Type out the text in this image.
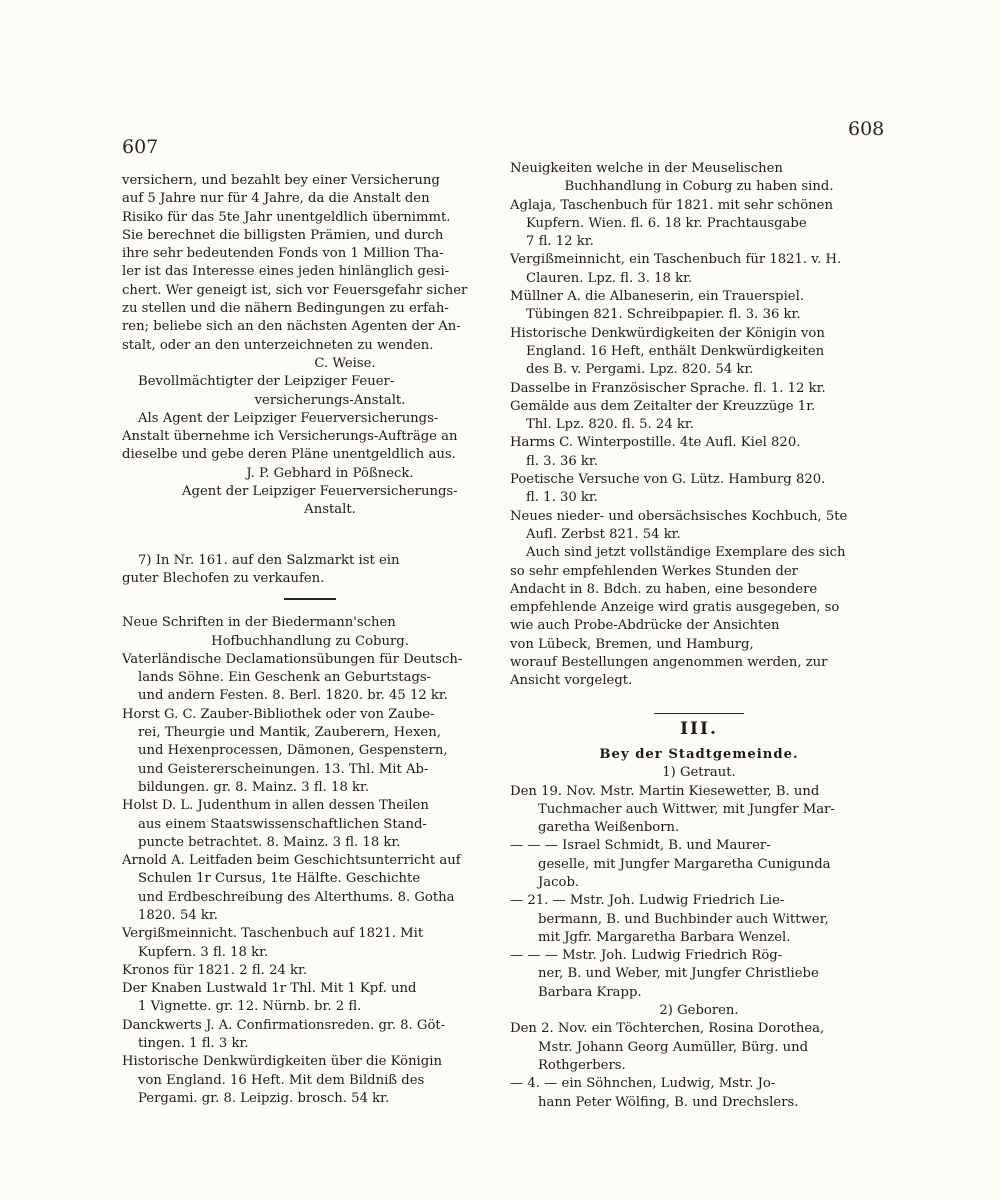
607
608
versichern, und bezahlt bey einer Versicherung
auf 5 Jahre nur für 4 Jahre, da die Anstalt den
Risiko für das 5te Jahr unentgeldlich übernimmt.
Sie berechnet die billigsten Prämien, und durch
ihre sehr bedeutenden Fonds von 1 Million Tha-
ler ist das Interesse eines jeden hinlänglich gesi-
chert. Wer geneigt ist, sich vor Feuersgefahr sicher
zu stellen und die nähern Bedingungen zu erfah-
ren; beliebe sich an den nächsten Agenten der An-
stalt, oder an den unterzeichneten zu wenden.
C. Weise.
Bevollmächtigter der Leipziger Feuer-
versicherungs-Anstalt.
Als Agent der Leipziger Feuerversicherungs-
Anstalt übernehme ich Versicherungs-Aufträge an
dieselbe und gebe deren Pläne unentgeldlich aus.
J. P. Gebhard in Pößneck.
Agent der Leipziger Feuerversicherungs-
Anstalt.
7) In Nr. 161. auf den Salzmarkt ist ein
guter Blechofen zu verkaufen.
Neue Schriften in der Biedermann'schen
Hofbuchhandlung zu Coburg.
Vaterländische Declamationsübungen für Deutsch-
lands Söhne. Ein Geschenk an Geburtstags-
und andern Festen. 8. Berl. 1820. br. 45 12 kr.
Horst G. C. Zauber-Bibliothek oder von Zaube-
rei, Theurgie und Mantik, Zauberern, Hexen,
und Hexenprocessen, Dämonen, Gespenstern,
und Geistererscheinungen. 13. Thl. Mit Ab-
bildungen. gr. 8. Mainz. 3 fl. 18 kr.
Holst D. L. Judenthum in allen dessen Theilen
aus einem Staatswissenschaftlichen Stand-
puncte betrachtet. 8. Mainz. 3 fl. 18 kr.
Arnold A. Leitfaden beim Geschichtsunterricht auf
Schulen 1r Cursus, 1te Hälfte. Geschichte
und Erdbeschreibung des Alterthums. 8. Gotha
1820. 54 kr.
Vergißmeinnicht. Taschenbuch auf 1821. Mit
Kupfern. 3 fl. 18 kr.
Kronos für 1821. 2 fl. 24 kr.
Der Knaben Lustwald 1r Thl. Mit 1 Kpf. und
1 Vignette. gr. 12. Nürnb. br. 2 fl.
Danckwerts J. A. Confirmationsreden. gr. 8. Göt-
tingen. 1 fl. 3 kr.
Historische Denkwürdigkeiten über die Königin
von England. 16 Heft. Mit dem Bildniß des
Pergami. gr. 8. Leipzig. brosch. 54 kr.
Neuigkeiten welche in der Meuselischen
Buchhandlung in Coburg zu haben sind.
Aglaja, Taschenbuch für 1821. mit sehr schönen
Kupfern. Wien. fl. 6. 18 kr. Prachtausgabe
7 fl. 12 kr.
Vergißmeinnicht, ein Taschenbuch für 1821. v. H.
Clauren. Lpz. fl. 3. 18 kr.
Müllner A. die Albaneserin, ein Trauerspiel.
Tübingen 821. Schreibpapier. fl. 3. 36 kr.
Historische Denkwürdigkeiten der Königin von
England. 16 Heft, enthält Denkwürdigkeiten
des B. v. Pergami. Lpz. 820. 54 kr.
Dasselbe in Französischer Sprache. fl. 1. 12 kr.
Gemälde aus dem Zeitalter der Kreuzzüge 1r.
Thl. Lpz. 820. fl. 5. 24 kr.
Harms C. Winterpostille. 4te Aufl. Kiel 820.
fl. 3. 36 kr.
Poetische Versuche von G. Lütz. Hamburg 820.
fl. 1. 30 kr.
Neues nieder- und obersächsisches Kochbuch, 5te
Aufl. Zerbst 821. 54 kr.
Auch sind jetzt vollständige Exemplare des sich
so sehr empfehlenden Werkes Stunden der
Andacht in 8. Bdch. zu haben, eine besondere
empfehlende Anzeige wird gratis ausgegeben, so
wie auch Probe-Abdrücke der Ansichten
von Lübeck, Bremen, und Hamburg,
worauf Bestellungen angenommen werden, zur
Ansicht vorgelegt.
III.
Bey der Stadtgemeinde.
1) Getraut.
Den 19. Nov. Mstr. Martin Kiesewetter, B. und
Tuchmacher auch Wittwer, mit Jungfer Mar-
garetha Weißenborn.
— — — Israel Schmidt, B. und Maurer-
geselle, mit Jungfer Margaretha Cunigunda
Jacob.
— 21. — Mstr. Joh. Ludwig Friedrich Lie-
bermann, B. und Buchbinder auch Wittwer,
mit Jgfr. Margaretha Barbara Wenzel.
— — — Mstr. Joh. Ludwig Friedrich Rög-
ner, B. und Weber, mit Jungfer Christliebe
Barbara Krapp.
2) Geboren.
Den 2. Nov. ein Töchterchen, Rosina Dorothea,
Mstr. Johann Georg Aumüller, Bürg. und
Rothgerbers.
— 4. — ein Söhnchen, Ludwig, Mstr. Jo-
hann Peter Wölfing, B. und Drechslers.
